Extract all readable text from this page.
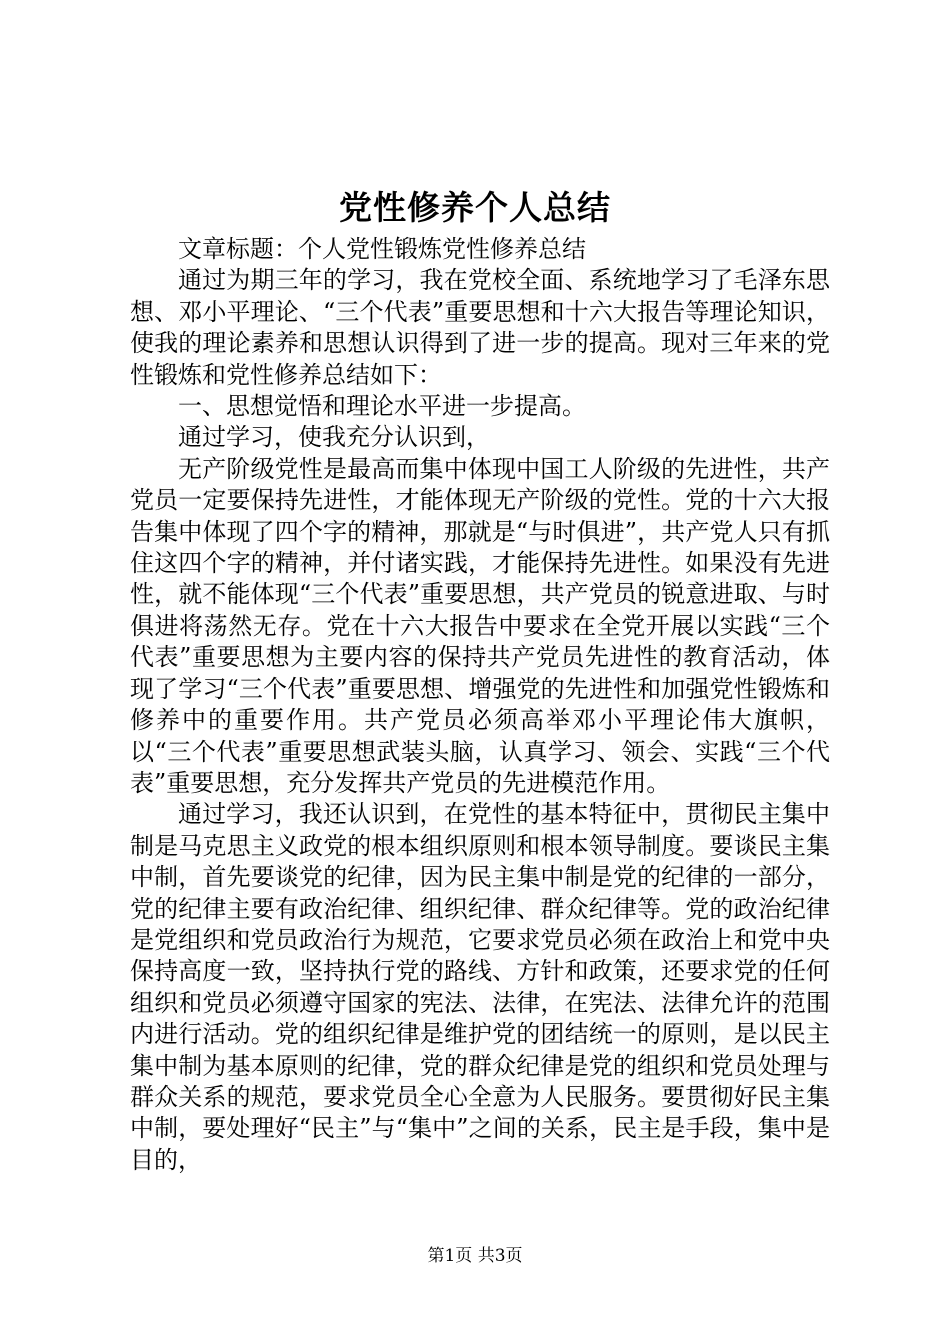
党性修养个人总结

文章标题：个人党性锻炼党性修养总结

通过为期三年的学习，我在党校全面、系统地学习了毛泽东思想、邓小平理论、“三个代表”重要思想和十六大报告等理论知识，使我的理论素养和思想认识得到了进一步的提高。现对三年来的党性锻炼和党性修养总结如下：

一、思想觉悟和理论水平进一步提高。

通过学习，使我充分认识到，

无产阶级党性是最高而集中体现中国工人阶级的先进性，共产党员一定要保持先进性，才能体现无产阶级的党性。党的十六大报告集中体现了四个字的精神，那就是“与时俱进”，共产党人只有抓住这四个字的精神，并付诸实践，才能保持先进性。如果没有先进性，就不能体现“三个代表”重要思想，共产党员的锐意进取、与时俱进将荡然无存。党在十六大报告中要求在全党开展以实践“三个代表”重要思想为主要内容的保持共产党员先进性的教育活动，体现了学习“三个代表”重要思想、增强党的先进性和加强党性锻炼和修养中的重要作用。共产党员必须高举邓小平理论伟大旗帜，以“三个代表”重要思想武装头脑，认真学习、领会、实践“三个代表”重要思想，充分发挥共产党员的先进模范作用。

通过学习，我还认识到，在党性的基本特征中，贯彻民主集中制是马克思主义政党的根本组织原则和根本领导制度。要谈民主集中制，首先要谈党的纪律，因为民主集中制是党的纪律的一部分，党的纪律主要有政治纪律、组织纪律、群众纪律等。党的政治纪律是党组织和党员政治行为规范，它要求党员必须在政治上和党中央保持高度一致，坚持执行党的路线、方针和政策，还要求党的任何组织和党员必须遵守国家的宪法、法律，在宪法、法律允许的范围内进行活动。党的组织纪律是维护党的团结统一的原则，是以民主集中制为基本原则的纪律，党的群众纪律是党的组织和党员处理与群众关系的规范，要求党员全心全意为人民服务。要贯彻好民主集中制，要处理好“民主”与“集中”之间的关系，民主是手段，集中是目的，

第1页 共3页
